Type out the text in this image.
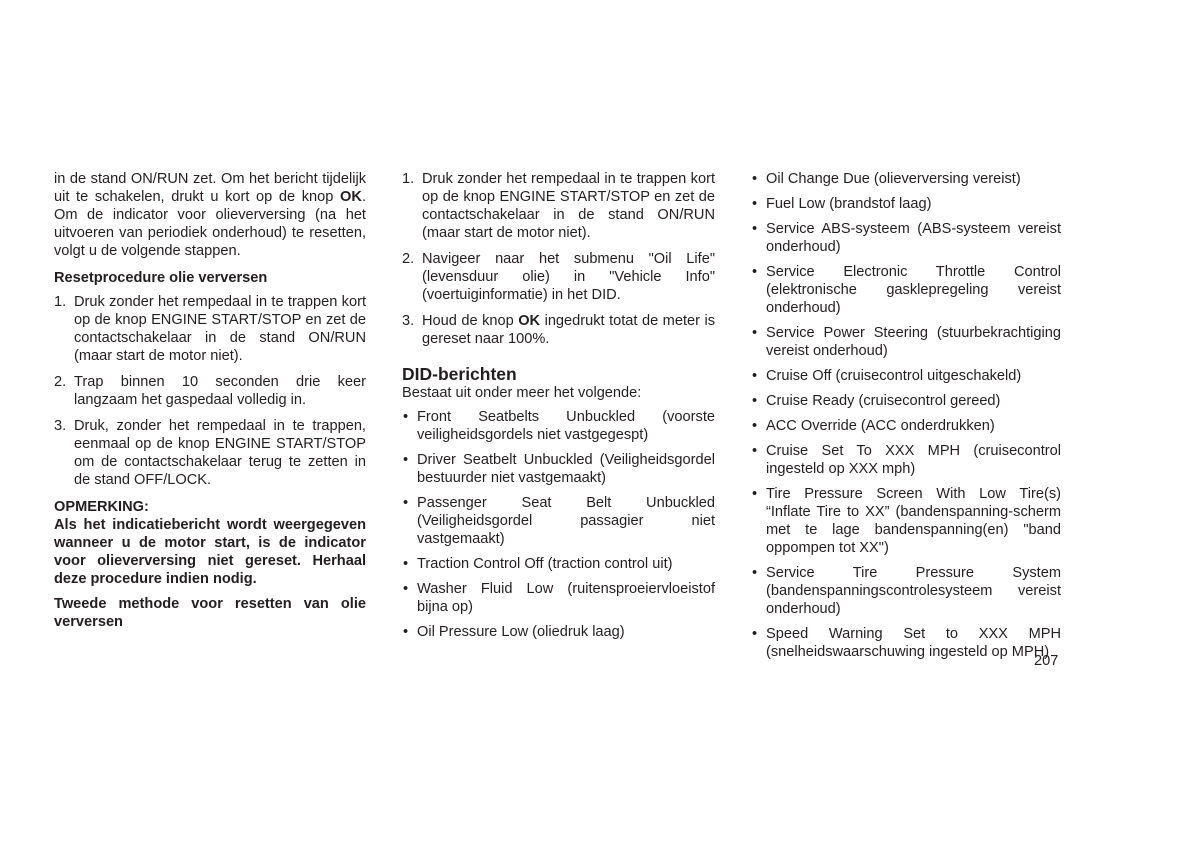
in de stand ON/RUN zet. Om het bericht tijdelijk uit te schakelen, drukt u kort op de knop OK. Om de indicator voor olieverversing (na het uitvoeren van periodiek onderhoud) te resetten, volgt u de volgende stappen.

Resetprocedure olie verversen

1. Druk zonder het rempedaal in te trappen kort op de knop ENGINE START/STOP en zet de contactschakelaar in de stand ON/RUN (maar start de motor niet).
2. Trap binnen 10 seconden drie keer langzaam het gaspedaal volledig in.
3. Druk, zonder het rempedaal in te trappen, eenmaal op de knop ENGINE START/STOP om de contactschakelaar terug te zetten in de stand OFF/LOCK.

OPMERKING:

Als het indicatiebericht wordt weergegeven wanneer u de motor start, is de indicator voor olieverversing niet gereset. Herhaal deze procedure indien nodig.

Tweede methode voor resetten van olie verversen

1. Druk zonder het rempedaal in te trappen kort op de knop ENGINE START/STOP en zet de contactschakelaar in de stand ON/RUN (maar start de motor niet).
2. Navigeer naar het submenu "Oil Life" (levensduur olie) in "Vehicle Info" (voertuiginformatie) in het DID.
3. Houd de knop OK ingedrukt totat de meter is gereset naar 100%.

DID-berichten

Bestaat uit onder meer het volgende:

• Front Seatbelts Unbuckled (voorste veiligheidsgordels niet vastgegespt)
• Driver Seatbelt Unbuckled (Veiligheidsgordel bestuurder niet vastgemaakt)
• Passenger Seat Belt Unbuckled (Veiligheidsgordel passagier niet vastgemaakt)
• Traction Control Off (traction control uit)
• Washer Fluid Low (ruitensproeiervloeistof bijna op)
• Oil Pressure Low (oliedruk laag)
• Oil Change Due (olieverversing vereist)
• Fuel Low (brandstof laag)
• Service ABS-systeem (ABS-systeem vereist onderhoud)
• Service Electronic Throttle Control (elektronische gasklepregeling vereist onderhoud)
• Service Power Steering (stuurbekrachtiging vereist onderhoud)
• Cruise Off (cruisecontrol uitgeschakeld)
• Cruise Ready (cruisecontrol gereed)
• ACC Override (ACC onderdrukken)
• Cruise Set To XXX MPH (cruisecontrol ingesteld op XXX mph)
• Tire Pressure Screen With Low Tire(s) “Inflate Tire to XX” (bandenspanning-scherm met te lage bandenspanning(en) "band oppompen tot XX")
• Service Tire Pressure System (bandenspanningscontrolesysteem vereist onderhoud)
• Speed Warning Set to XXX MPH (snelheidswaarschuwing ingesteld op MPH)
207
